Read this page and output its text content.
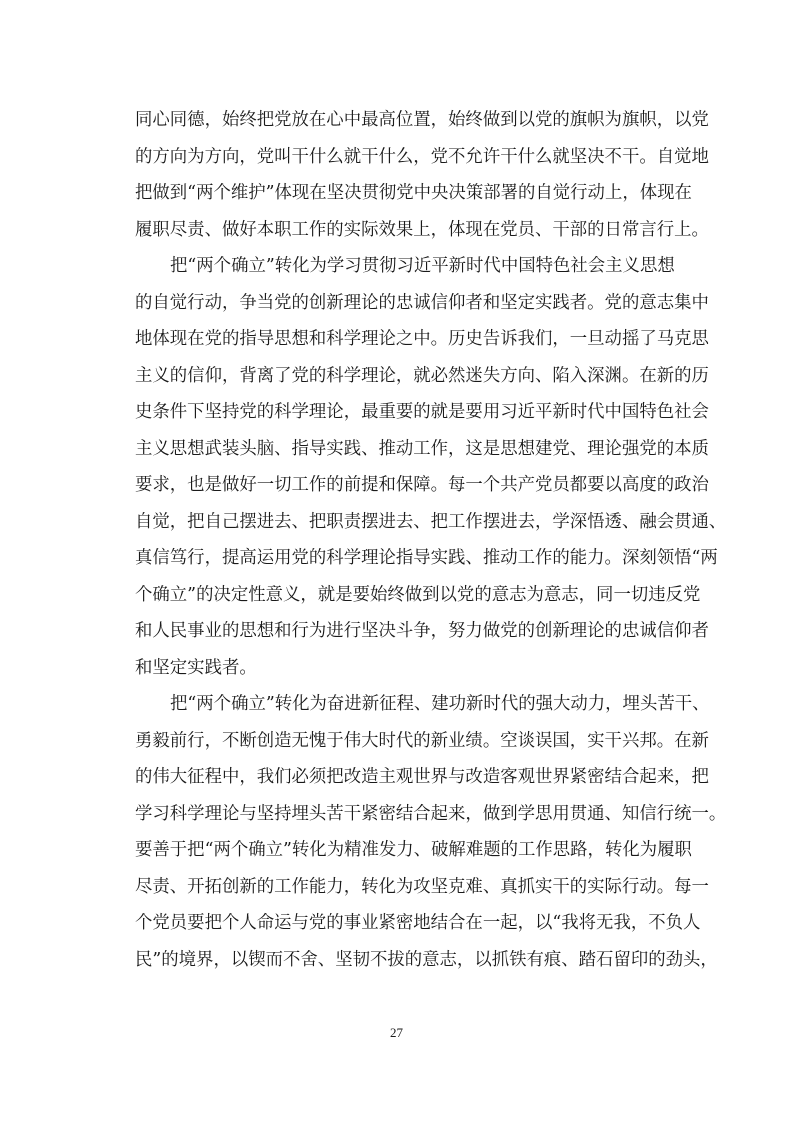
同心同德，始终把党放在心中最高位置，始终做到以党的旗帜为旗帜，以党
的方向为方向，党叫干什么就干什么，党不允许干什么就坚决不干。自觉地
把做到“两个维护”体现在坚决贯彻党中央决策部署的自觉行动上，体现在
履职尽责、做好本职工作的实际效果上，体现在党员、干部的日常言行上。
把“两个确立”转化为学习贯彻习近平新时代中国特色社会主义思想
的自觉行动，争当党的创新理论的忠诚信仰者和坚定实践者。党的意志集中
地体现在党的指导思想和科学理论之中。历史告诉我们，一旦动摇了马克思
主义的信仰，背离了党的科学理论，就必然迷失方向、陷入深渊。在新的历
史条件下坚持党的科学理论，最重要的就是要用习近平新时代中国特色社会
主义思想武装头脑、指导实践、推动工作，这是思想建党、理论强党的本质
要求，也是做好一切工作的前提和保障。每一个共产党员都要以高度的政治
自觉，把自己摆进去、把职责摆进去、把工作摆进去，学深悟透、融会贯通、
真信笃行，提高运用党的科学理论指导实践、推动工作的能力。深刻领悟“两
个确立”的决定性意义，就是要始终做到以党的意志为意志，同一切违反党
和人民事业的思想和行为进行坚决斗争，努力做党的创新理论的忠诚信仰者
和坚定实践者。
把“两个确立”转化为奋进新征程、建功新时代的强大动力，埋头苦干、
勇毅前行，不断创造无愧于伟大时代的新业绩。空谈误国，实干兴邦。在新
的伟大征程中，我们必须把改造主观世界与改造客观世界紧密结合起来，把
学习科学理论与坚持埋头苦干紧密结合起来，做到学思用贯通、知信行统一。
要善于把“两个确立”转化为精准发力、破解难题的工作思路，转化为履职
尽责、开拓创新的工作能力，转化为攻坚克难、真抓实干的实际行动。每一
个党员要把个人命运与党的事业紧密地结合在一起，以“我将无我，不负人
民”的境界，以锲而不舍、坚韧不拔的意志，以抓铁有痕、踏石留印的劲头，
27
